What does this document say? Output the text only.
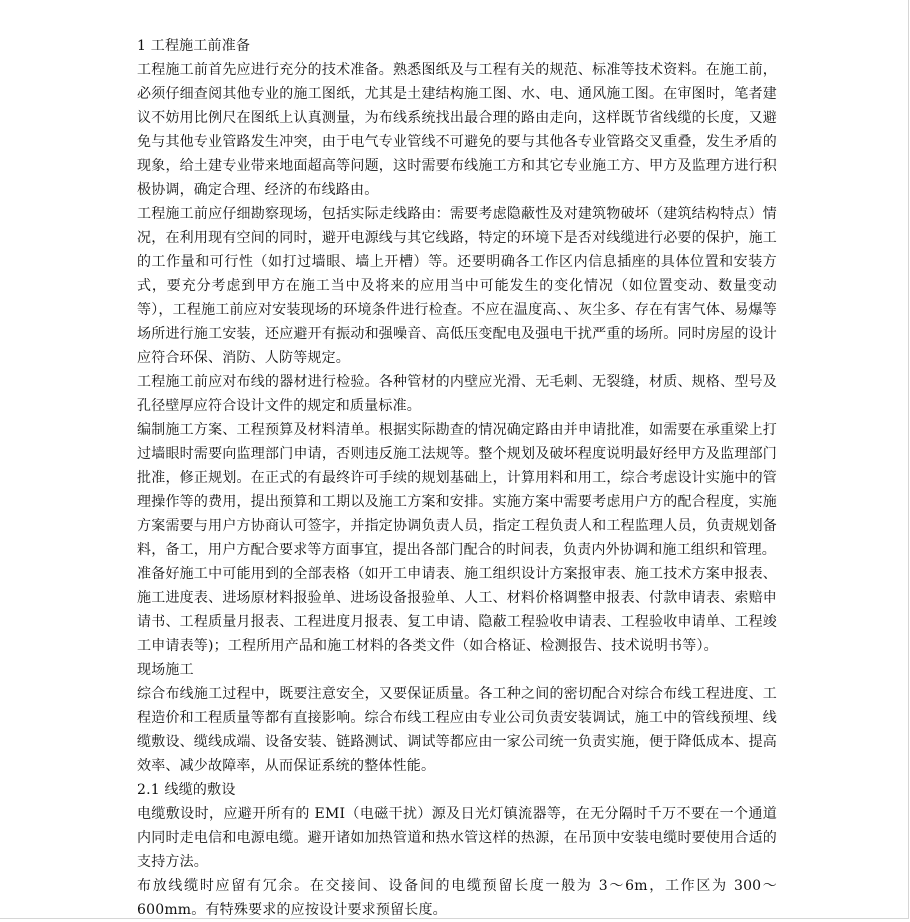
1 工程施工前准备

工程施工前首先应进行充分的技术准备。熟悉图纸及与工程有关的规范、标准等技术资料。在施工前，必须仔细查阅其他专业的施工图纸，尤其是土建结构施工图、水、电、通风施工图。在审图时，笔者建议不妨用比例尺在图纸上认真测量，为布线系统找出最合理的路由走向，这样既节省线缆的长度，又避免与其他专业管路发生冲突，由于电气专业管线不可避免的要与其他各专业管路交叉重叠，发生矛盾的现象，给土建专业带来地面超高等问题，这时需要布线施工方和其它专业施工方、甲方及监理方进行积极协调，确定合理、经济的布线路由。

工程施工前应仔细勘察现场，包括实际走线路由：需要考虑隐蔽性及对建筑物破坏（建筑结构特点）情况，在利用现有空间的同时，避开电源线与其它线路，特定的环境下是否对线缆进行必要的保护，施工的工作量和可行性（如打过墙眼、墙上开槽）等。还要明确各工作区内信息插座的具体位置和安装方式，要充分考虑到甲方在施工当中及将来的应用当中可能发生的变化情况（如位置变动、数量变动等），工程施工前应对安装现场的环境条件进行检查。不应在温度高、、灰尘多、存在有害气体、易爆等场所进行施工安装，还应避开有振动和强噪音、高低压变配电及强电干扰严重的场所。同时房屋的设计应符合环保、消防、人防等规定。

工程施工前应对布线的器材进行检验。各种管材的内壁应光滑、无毛刺、无裂缝，材质、规格、型号及孔径壁厚应符合设计文件的规定和质量标准。

编制施工方案、工程预算及材料清单。根据实际勘查的情况确定路由并申请批准，如需要在承重梁上打过墙眼时需要向监理部门申请，否则违反施工法规等。整个规划及破坏程度说明最好经甲方及监理部门批准，修正规划。在正式的有最终许可手续的规划基础上，计算用料和用工，综合考虑设计实施中的管理操作等的费用，提出预算和工期以及施工方案和安排。实施方案中需要考虑用户方的配合程度，实施方案需要与用户方协商认可签字，并指定协调负责人员，指定工程负责人和工程监理人员，负责规划备料，备工，用户方配合要求等方面事宜，提出各部门配合的时间表，负责内外协调和施工组织和管理。

准备好施工中可能用到的全部表格（如开工申请表、施工组织设计方案报审表、施工技术方案申报表、施工进度表、进场原材料报验单、进场设备报验单、人工、材料价格调整申报表、付款申请表、索赔申请书、工程质量月报表、工程进度月报表、复工申请、隐蔽工程验收申请表、工程验收申请单、工程竣工申请表等)；工程所用产品和施工材料的各类文件（如合格证、检测报告、技术说明书等）。

现场施工

综合布线施工过程中，既要注意安全，又要保证质量。各工种之间的密切配合对综合布线工程进度、工程造价和工程质量等都有直接影响。综合布线工程应由专业公司负责安装调试，施工中的管线预埋、线缆敷设、缆线成端、设备安装、链路测试、调试等都应由一家公司统一负责实施，便于降低成本、提高效率、减少故障率，从而保证系统的整体性能。

2.1 线缆的敷设

电缆敷设时，应避开所有的 EMI（电磁干扰）源及日光灯镇流器等，在无分隔时千万不要在一个通道内同时走电信和电源电缆。避开诸如加热管道和热水管这样的热源，在吊顶中安装电缆时要使用合适的支持方法。

布放线缆时应留有冗余。在交接间、设备间的电缆预留长度一般为 3～6m，工作区为 300～600mm。有特殊要求的应按设计要求预留长度。
